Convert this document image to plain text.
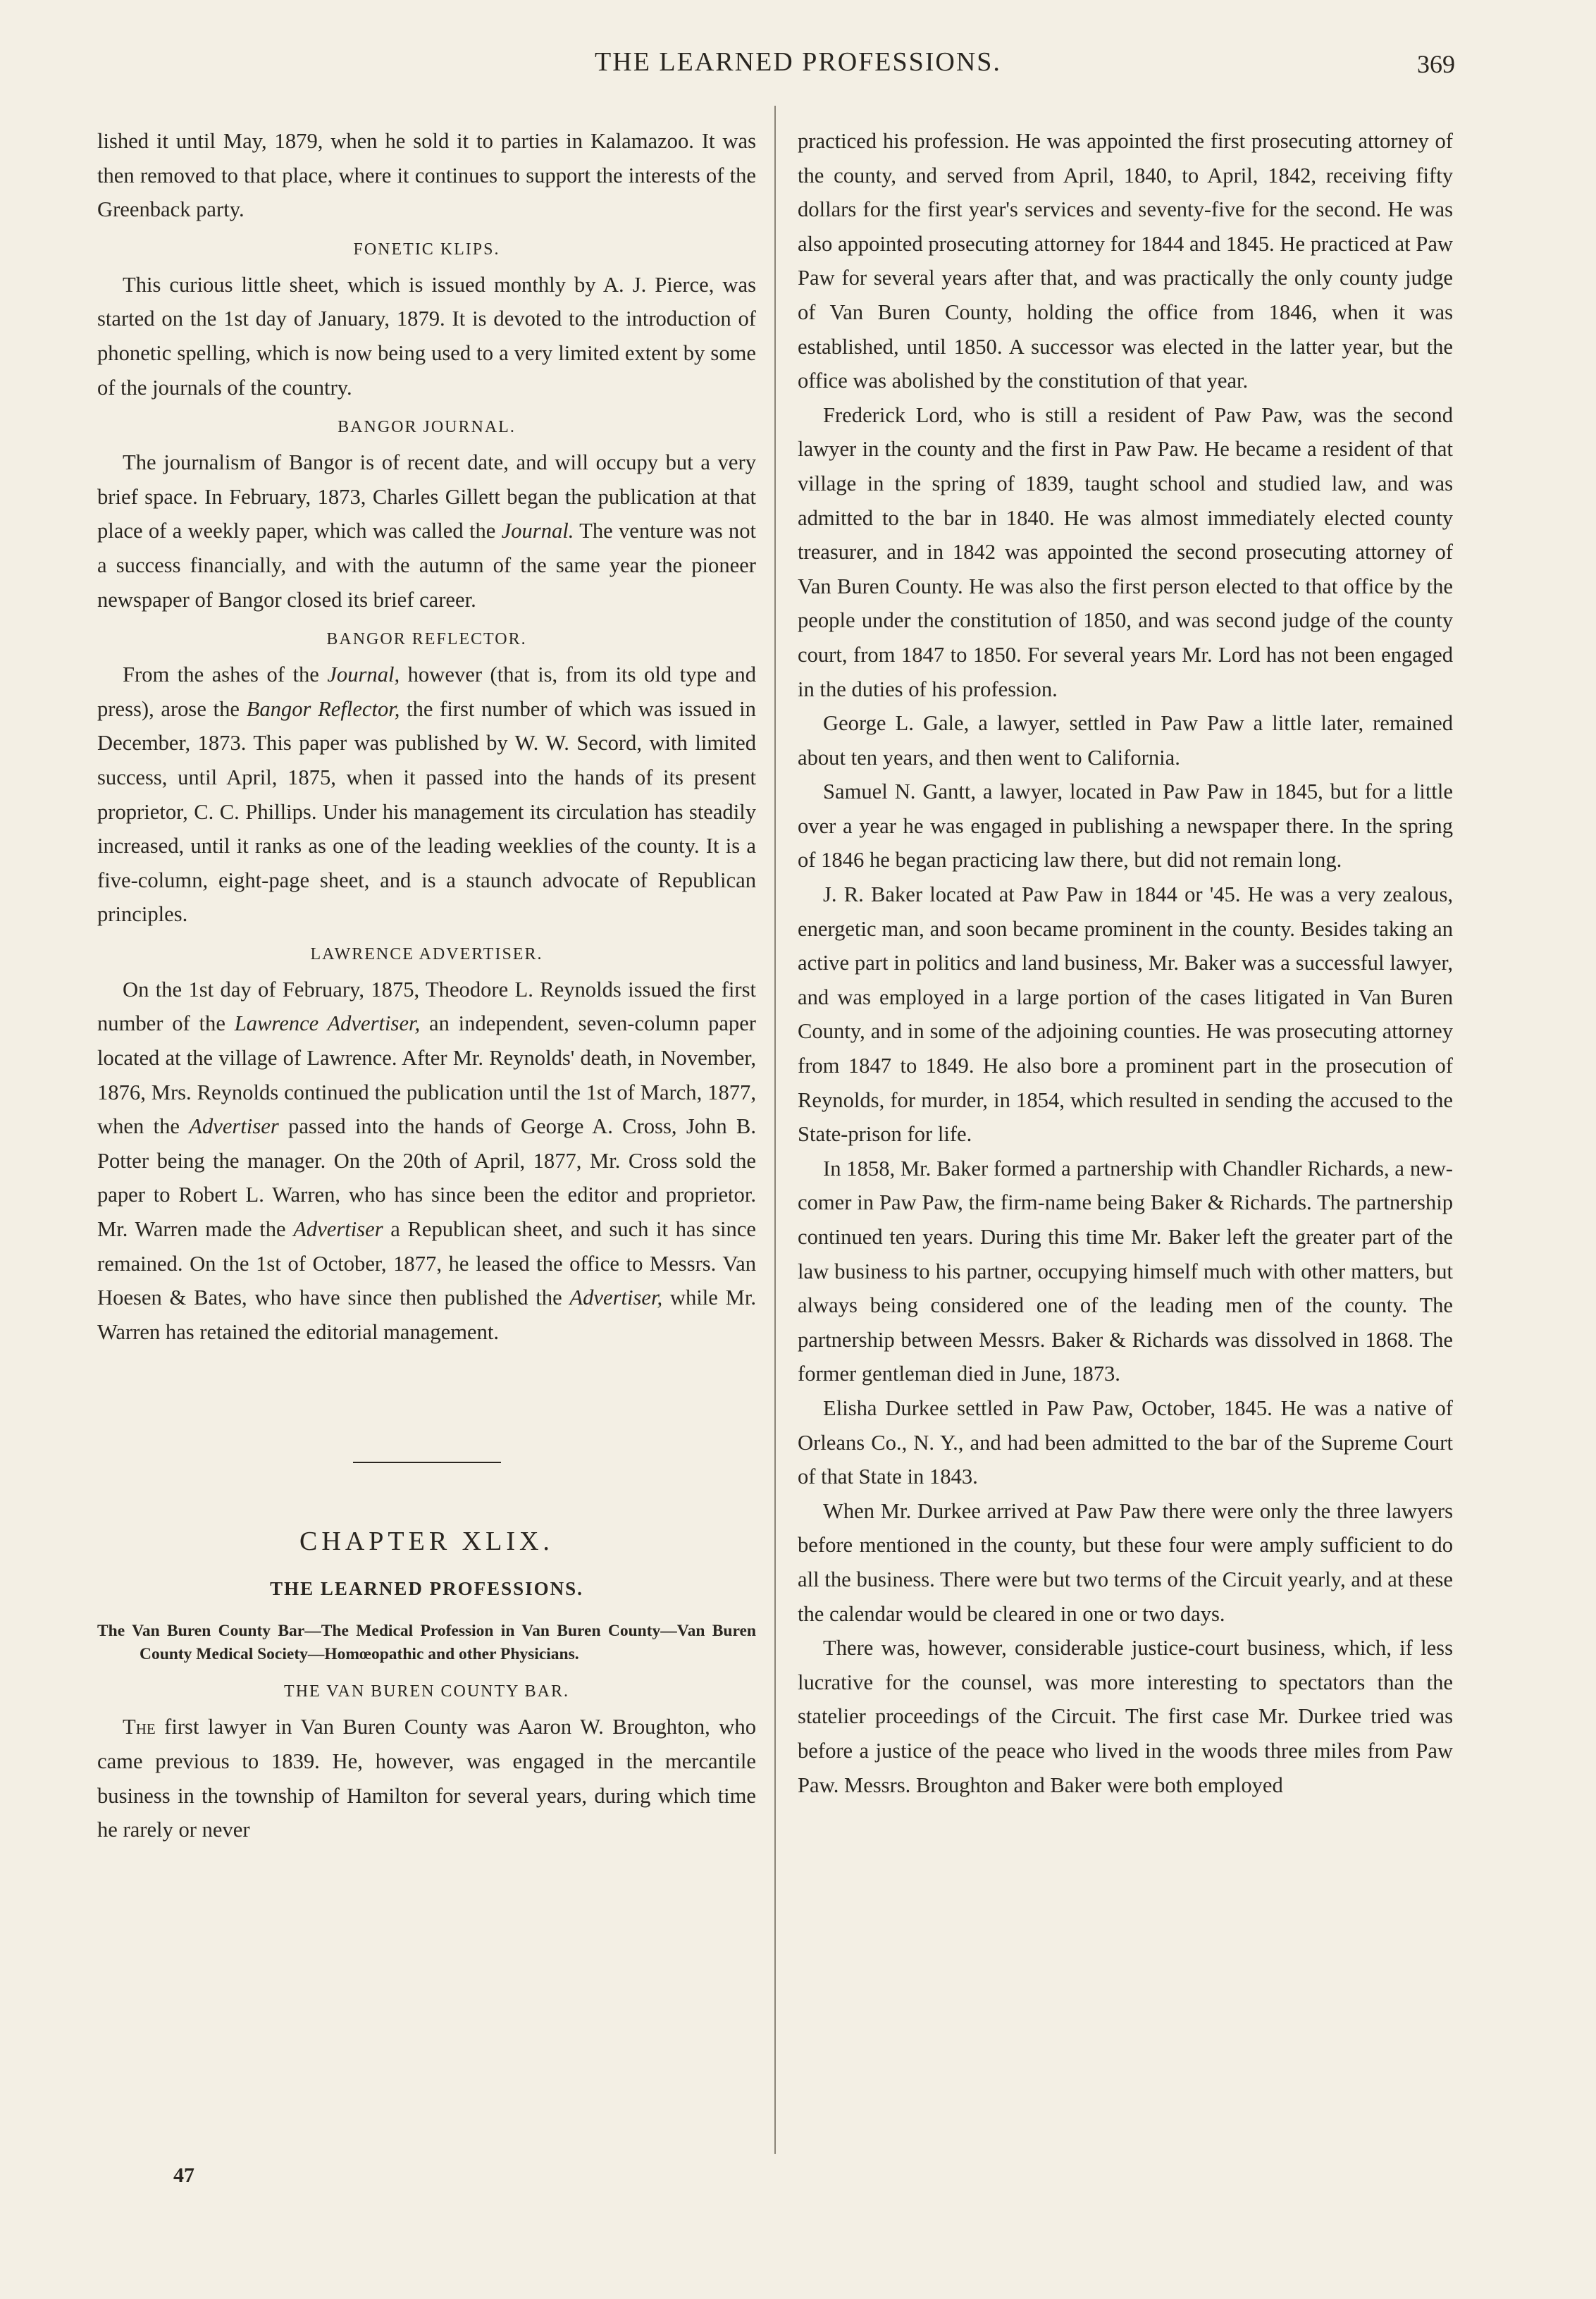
THE LEARNED PROFESSIONS.	369

lished it until May, 1879, when he sold it to parties in Kalamazoo. It was then removed to that place, where it continues to support the interests of the Greenback party.

FONETIC KLIPS.

This curious little sheet, which is issued monthly by A. J. Pierce, was started on the 1st day of January, 1879. It is devoted to the introduction of phonetic spelling, which is now being used to a very limited extent by some of the journals of the country.

BANGOR JOURNAL.

The journalism of Bangor is of recent date, and will occupy but a very brief space. In February, 1873, Charles Gillett began the publication at that place of a weekly paper, which was called the Journal. The venture was not a success financially, and with the autumn of the same year the pioneer newspaper of Bangor closed its brief career.

BANGOR REFLECTOR.

From the ashes of the Journal, however (that is, from its old type and press), arose the Bangor Reflector, the first number of which was issued in December, 1873. This paper was published by W. W. Secord, with limited success, until April, 1875, when it passed into the hands of its present proprietor, C. C. Phillips. Under his management its circulation has steadily increased, until it ranks as one of the leading weeklies of the county. It is a five-column, eight-page sheet, and is a staunch advocate of Republican principles.

LAWRENCE ADVERTISER.

On the 1st day of February, 1875, Theodore L. Reynolds issued the first number of the Lawrence Advertiser, an independent, seven-column paper located at the village of Lawrence. After Mr. Reynolds' death, in November, 1876, Mrs. Reynolds continued the publication until the 1st of March, 1877, when the Advertiser passed into the hands of George A. Cross, John B. Potter being the manager. On the 20th of April, 1877, Mr. Cross sold the paper to Robert L. Warren, who has since been the editor and proprietor. Mr. Warren made the Advertiser a Republican sheet, and such it has since remained. On the 1st of October, 1877, he leased the office to Messrs. Van Hoesen & Bates, who have since then published the Advertiser, while Mr. Warren has retained the editorial management.

CHAPTER XLIX.
THE LEARNED PROFESSIONS.
The Van Buren County Bar—The Medical Profession in Van Buren County—Van Buren County Medical Society—Homœopathic and other Physicians.
THE VAN BUREN COUNTY BAR.

The first lawyer in Van Buren County was Aaron W. Broughton, who came previous to 1839. He, however, was engaged in the mercantile business in the township of Hamilton for several years, during which time he rarely or never

47

practiced his profession. He was appointed the first prosecuting attorney of the county, and served from April, 1840, to April, 1842, receiving fifty dollars for the first year's services and seventy-five for the second. He was also appointed prosecuting attorney for 1844 and 1845. He practiced at Paw Paw for several years after that, and was practically the only county judge of Van Buren County, holding the office from 1846, when it was established, until 1850. A successor was elected in the latter year, but the office was abolished by the constitution of that year.

Frederick Lord, who is still a resident of Paw Paw, was the second lawyer in the county and the first in Paw Paw. He became a resident of that village in the spring of 1839, taught school and studied law, and was admitted to the bar in 1840. He was almost immediately elected county treasurer, and in 1842 was appointed the second prosecuting attorney of Van Buren County. He was also the first person elected to that office by the people under the constitution of 1850, and was second judge of the county court, from 1847 to 1850. For several years Mr. Lord has not been engaged in the duties of his profession.

George L. Gale, a lawyer, settled in Paw Paw a little later, remained about ten years, and then went to California.

Samuel N. Gantt, a lawyer, located in Paw Paw in 1845, but for a little over a year he was engaged in publishing a newspaper there. In the spring of 1846 he began practicing law there, but did not remain long.

J. R. Baker located at Paw Paw in 1844 or '45. He was a very zealous, energetic man, and soon became prominent in the county. Besides taking an active part in politics and land business, Mr. Baker was a successful lawyer, and was employed in a large portion of the cases litigated in Van Buren County, and in some of the adjoining counties. He was prosecuting attorney from 1847 to 1849. He also bore a prominent part in the prosecution of Reynolds, for murder, in 1854, which resulted in sending the accused to the State-prison for life.

In 1858, Mr. Baker formed a partnership with Chandler Richards, a new-comer in Paw Paw, the firm-name being Baker & Richards. The partnership continued ten years. During this time Mr. Baker left the greater part of the law business to his partner, occupying himself much with other matters, but always being considered one of the leading men of the county. The partnership between Messrs. Baker & Richards was dissolved in 1868. The former gentleman died in June, 1873.

Elisha Durkee settled in Paw Paw, October, 1845. He was a native of Orleans Co., N. Y., and had been admitted to the bar of the Supreme Court of that State in 1843.

When Mr. Durkee arrived at Paw Paw there were only the three lawyers before mentioned in the county, but these four were amply sufficient to do all the business. There were but two terms of the Circuit yearly, and at these the calendar would be cleared in one or two days.

There was, however, considerable justice-court business, which, if less lucrative for the counsel, was more interesting to spectators than the statelier proceedings of the Circuit. The first case Mr. Durkee tried was before a justice of the peace who lived in the woods three miles from Paw Paw. Messrs. Broughton and Baker were both employed
